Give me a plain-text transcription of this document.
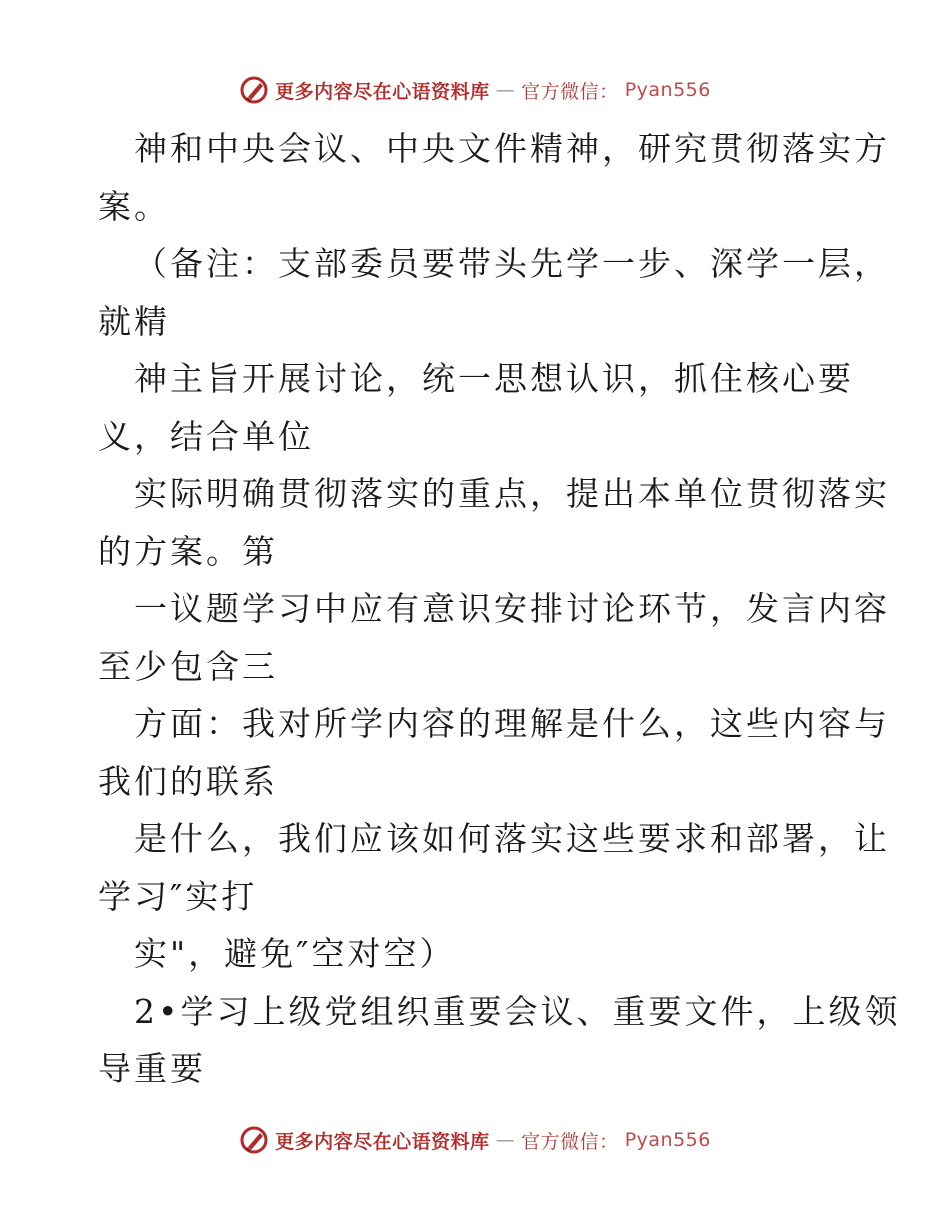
更多内容尽在心语资料库 — 官方微信： Pyan556
神和中央会议、中央文件精神，研究贯彻落实方
案。
（备注：支部委员要带头先学一步、深学一层，
就精
神主旨开展讨论，统一思想认识，抓住核心要
义，结合单位
实际明确贯彻落实的重点，提出本单位贯彻落实
的方案。第
一议题学习中应有意识安排讨论环节，发言内容
至少包含三
方面：我对所学内容的理解是什么，这些内容与
我们的联系
是什么，我们应该如何落实这些要求和部署，让
学习″实打
实"，避免″空对空）
2•学习上级党组织重要会议、重要文件，上级领
导重要
更多内容尽在心语资料库 — 官方微信： Pyan556
